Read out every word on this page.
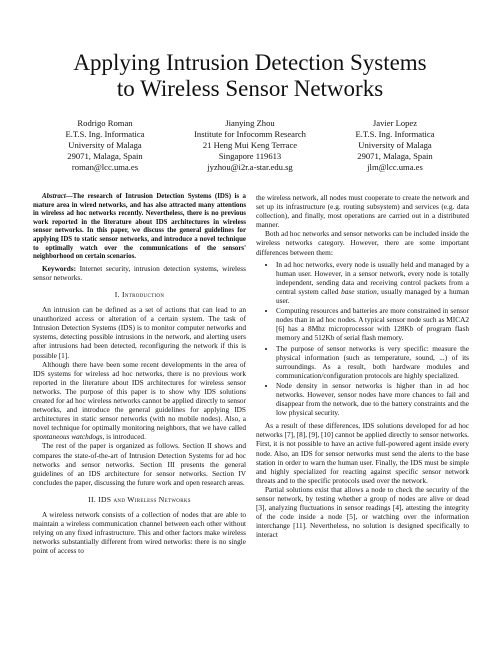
Applying Intrusion Detection Systems
to Wireless Sensor Networks
Rodrigo Roman
E.T.S. Ing. Informatica
University of Malaga
29071, Malaga, Spain
roman@lcc.uma.es
Jianying Zhou
Institute for Infocomm Research
21 Heng Mui Keng Terrace
Singapore 119613
jyzhou@i2r.a-star.edu.sg
Javier Lopez
E.T.S. Ing. Informatica
University of Malaga
29071, Malaga, Spain
jlm@lcc.uma.es

Abstract—The research of Intrusion Detection Systems (IDS) is a mature area in wired networks, and has also attracted many attentions in wireless ad hoc networks recently. Nevertheless, there is no previous work reported in the literature about IDS architectures in wireless sensor networks. In this paper, we discuss the general guidelines for applying IDS to static sensor networks, and introduce a novel technique to optimally watch over the communications of the sensors' neighborhood on certain scenarios.

Keywords: Internet security, intrusion detection systems, wireless sensor networks.

I. Introduction

An intrusion can be defined as a set of actions that can lead to an unauthorized access or alteration of a certain system. The task of Intrusion Detection Systems (IDS) is to monitor computer networks and systems, detecting possible intrusions in the network, and alerting users after intrusions had been detected, reconfiguring the network if this is possible [1].

Although there have been some recent developments in the area of IDS systems for wireless ad hoc networks, there is no previous work reported in the literature about IDS architectures for wireless sensor networks. The purpose of this paper is to show why IDS solutions created for ad hoc wireless networks cannot be applied directly to sensor networks, and introduce the general guidelines for applying IDS architectures in static sensor networks (with no mobile nodes). Also, a novel technique for optimally monitoring neighbors, that we have called spontaneous watchdogs, is introduced.

The rest of the paper is organized as follows. Section II shows and compares the state-of-the-art of Intrusion Detection Systems for ad hoc networks and sensor networks. Section III presents the general guidelines of an IDS architecture for sensor networks. Section IV concludes the paper, discussing the future work and open research areas.

II. IDS and Wireless Networks

A wireless network consists of a collection of nodes that are able to maintain a wireless communication channel between each other without relying on any fixed infrastructure. This and other factors make wireless networks substantially different from wired networks: there is no single point of access to

the wireless network, all nodes must cooperate to create the network and set up its infrastructure (e.g. routing subsystem) and services (e.g. data collection), and finally, most operations are carried out in a distributed manner.

Both ad hoc networks and sensor networks can be included inside the wireless networks category. However, there are some important differences between them:

• In ad hoc networks, every node is usually held and managed by a human user. However, in a sensor network, every node is totally independent, sending data and receiving control packets from a central system called base station, usually managed by a human user.
• Computing resources and batteries are more constrained in sensor nodes than in ad hoc nodes. A typical sensor node such as MICA2 [6] has a 8Mhz microprocessor with 128Kb of program flash memory and 512Kb of serial flash memory.
• The purpose of sensor networks is very specific: measure the physical information (such as temperature, sound, ...) of its surroundings. As a result, both hardware modules and communication/configuration protocols are highly specialized.
• Node density in sensor networks is higher than in ad hoc networks. However, sensor nodes have more chances to fail and disappear from the network, due to the battery constraints and the low physical security.

As a result of these differences, IDS solutions developed for ad hoc networks [7], [8], [9], [10] cannot be applied directly to sensor networks. First, it is not possible to have an active full-powered agent inside every node. Also, an IDS for sensor networks must send the alerts to the base station in order to warn the human user. Finally, the IDS must be simple and highly specialized for reacting against specific sensor network threats and to the specific protocols used over the network.

Partial solutions exist that allows a node to check the security of the sensor network, by testing whether a group of nodes are alive or dead [3], analyzing fluctuations in sensor readings [4], attesting the integrity of the code inside a node [5], or watching over the information interchange [11]. Nevertheless, no solution is designed specifically to interact
